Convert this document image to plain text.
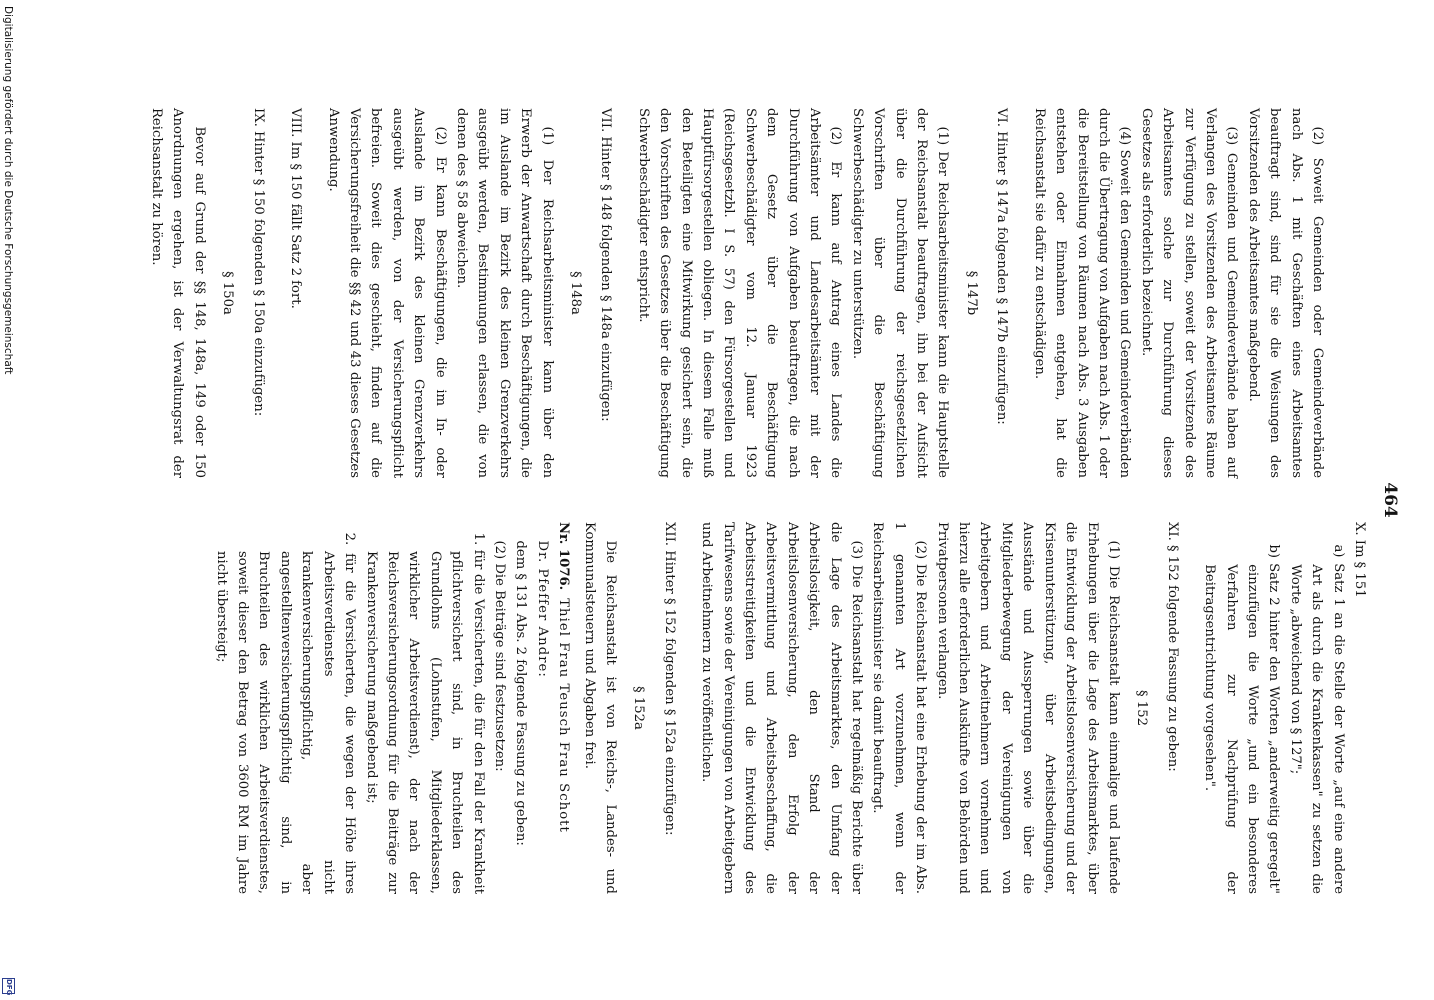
464

(2) Soweit Gemeinden oder Gemeindeverbände nach Abs. 1 mit Geschäften eines Arbeitsamtes beauftragt sind, sind für sie die Weisungen des Vorsitzenden des Arbeitsamtes maßgebend.

(3) Gemeinden und Gemeindeverbände haben auf Verlangen des Vorsitzenden des Arbeitsamtes Räume zur Verfügung zu stellen, soweit der Vorsitzende des Arbeitsamtes solche zur Durchführung dieses Gesetzes als erforderlich bezeichnet.

(4) Soweit den Gemeinden und Gemeindeverbänden durch die Übertragung von Aufgaben nach Abs. 1 oder die Bereitstellung von Räumen nach Abs. 3 Ausgaben entstehen oder Einnahmen entgehen, hat die Reichsanstalt sie dafür zu entschädigen.

VI. Hinter § 147a folgenden § 147b einzufügen:

§ 147b

(1) Der Reichsarbeitsminister kann die Hauptstelle der Reichsanstalt beauftragen, ihn bei der Aufsicht über die Durchführung der reichsgesetzlichen Vorschriften über die Beschäftigung Schwerbeschädigter zu unterstützen.

(2) Er kann auf Antrag eines Landes die Arbeitsämter und Landesarbeitsämter mit der Durchführung von Aufgaben beauftragen, die nach dem Gesetz über die Beschäftigung Schwerbeschädigter vom 12. Januar 1923 (Reichsgesetzbl. I S. 57) den Fürsorgestellen und Hauptfürsorgestellen obliegen. In diesem Falle muß den Beteiligten eine Mitwirkung gesichert sein, die den Vorschriften des Gesetzes über die Beschäftigung Schwerbeschädigter entspricht.

VII. Hinter § 148 folgenden § 148a einzufügen:

§ 148a

(1) Der Reichsarbeitsminister kann über den Erwerb der Anwartschaft durch Beschäftigungen, die im Auslande im Bezirk des kleinen Grenzverkehrs ausgeübt werden, Bestimmungen erlassen, die von denen des § 58 abweichen.

(2) Er kann Beschäftigungen, die im In- oder Auslande im Bezirk des kleinen Grenzverkehrs ausgeübt werden, von der Versicherungspflicht befreien. Soweit dies geschieht, finden auf die Versicherungsfreiheit die §§ 42 und 43 dieses Gesetzes Anwendung.

VIII. Im § 150 fällt Satz 2 fort.

IX. Hinter § 150 folgenden § 150a einzufügen:

§ 150a

Bevor auf Grund der §§ 148, 148a, 149 oder 150 Anordnungen ergehen, ist der Verwaltungsrat der Reichsanstalt zu hören.

X. Im § 151

a) Satz 1 an die Stelle der Worte „auf eine andere Art als durch die Krankenkassen" zu setzen die Worte „abweichend von § 127";

b) Satz 2 hinter den Worten „anderweitig geregelt" einzufügen die Worte „und ein besonderes Verfahren zur Nachprüfung der Beitragsentrichtung vorgesehen".

XI. § 152 folgende Fassung zu geben:

§ 152

(1) Die Reichsanstalt kann einmalige und laufende Erhebungen über die Lage des Arbeitsmarktes, über die Entwicklung der Arbeitslosenversicherung und der Krisenunterstützung, über Arbeitsbedingungen, Ausstände und Aussperrungen sowie über die Mitgliederbewegung der Vereinigungen von Arbeitgebern und Arbeitnehmern vornehmen und hierzu alle erforderlichen Auskünfte von Behörden und Privatpersonen verlangen.

(2) Die Reichsanstalt hat eine Erhebung der im Abs. 1 genannten Art vorzunehmen, wenn der Reichsarbeitsminister sie damit beauftragt.

(3) Die Reichsanstalt hat regelmäßig Berichte über die Lage des Arbeitsmarktes, den Umfang der Arbeitslosigkeit, den Stand der Arbeitslosenversicherung, den Erfolg der Arbeitsvermittlung und Arbeitsbeschaffung, die Arbeitsstreitigkeiten und die Entwicklung des Tarifwesens sowie der Vereinigungen von Arbeitgebern und Arbeitnehmern zu veröffentlichen.

XII. Hinter § 152 folgenden § 152a einzufügen:

§ 152a

Die Reichsanstalt ist von Reichs-, Landes- und Kommunalsteuern und Abgaben frei.

Nr. 1076.Thiel Frau Teusch Frau Schott

Dr. Pfeffer Andre:

dem § 131 Abs. 2 folgende Fassung zu geben:

(2) Die Beiträge sind festzusetzen:

1. für die Versicherten, die für den Fall der Krankheit pflichtversichert sind, in Bruchteilen des Grundlohns (Lohnstufen, Mitgliederklassen, wirklicher Arbeitsverdienst), der nach der Reichsversicherungsordnung für die Beiträge zur Krankenversicherung maßgebend ist;

2. für die Versicherten, die wegen der Höhe ihres Arbeitsverdienstes nicht krankenversicherungspflichtig, aber angestelltenversicherungspflichtig sind, in Bruchteilen des wirklichen Arbeitsverdienstes, soweit dieser den Betrag von 3600 RM im Jahre nicht übersteigt;

Digitalisierung gefördert durch die Deutsche Forschungsgemeinschaft
DFG
